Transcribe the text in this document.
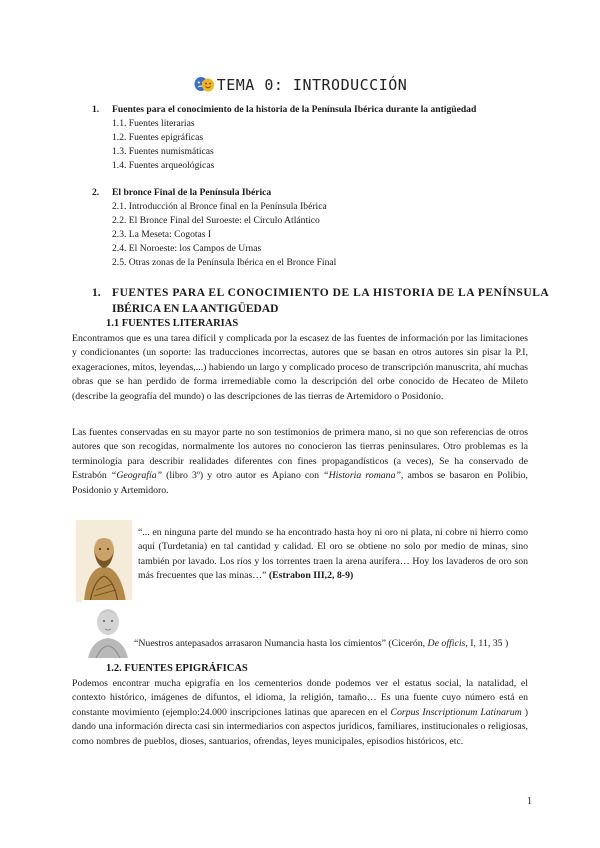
TEMA 0: INTRODUCCIÓN
1. Fuentes para el conocimiento de la historia de la Península Ibérica durante la antigüedad
1.1. Fuentes literarias
1.2. Fuentes epigráficas
1.3. Fuentes numismáticas
1.4. Fuentes arqueológicas
2. El bronce Final de la Península Ibérica
2.1. Introducción al Bronce final en la Península Ibérica
2.2. El Bronce Final del Suroeste: el Círculo Atlántico
2.3. La Meseta: Cogotas I
2.4. El Noroeste: los Campos de Urnas
2.5. Otras zonas de la Península Ibérica en el Bronce Final
1. FUENTES PARA EL CONOCIMIENTO DE LA HISTORIA DE LA PENÍNSULA
IBÉRICA EN LA ANTIGÜEDAD
1.1 FUENTES LITERARIAS
Encontramos que es una tarea difícil y complicada por la escasez de las fuentes de información por las limitaciones y condicionantes (un soporte: las traducciones incorrectas, autores que se basan en otros autores sin pisar la P.I, exageraciones, mitos, leyendas,...) habiendo un largo y complicado proceso de transcripción manuscrita, ahí muchas obras que se han perdido de forma irremediable como la descripción del orbe conocido de Hecateo de Mileto (describe la geografía del mundo) o las descripciones de las tierras de Artemidoro o Posidonio.
Las fuentes conservadas en su mayor parte no son testimonios de primera mano, si no que son referencias de otros autores que son recogidas, normalmente los autores no conocieron las tierras peninsulares. Otro problemas es la terminología para describir realidades diferentes con fines propagandísticos (a veces), Se ha conservado de Estrabón “Geografía” (libro 3º) y otro autor es Apiano con “Historia romana”, ambos se basaron en Polibio, Posidonio y Artemidoro.
“... en ninguna parte del mundo se ha encontrado hasta hoy ni oro ni plata, ni cobre ni hierro como aquí (Turdetania) en tal cantidad y calidad. El oro se obtiene no solo por medio de minas, sino también por lavado. Los ríos y los torrentes traen la arena aurífera… Hoy los lavaderos de oro son más frecuentes que las minas…” (Estrabon III,2, 8-9)
“Nuestros antepasados arrasaron Numancia hasta los cimientos” (Cicerón, De officis, I, 11, 35 )
1.2. FUENTES EPIGRÁFICAS
Podemos encontrar mucha epigrafía en los cementerios donde podemos ver el estatus social, la natalidad, el contexto histórico, imágenes de difuntos, el idioma, la religión, tamaño… Es una fuente cuyo número está en constante movimiento (ejemplo:24.000 inscripciones latinas que aparecen en el Corpus Inscriptionum Latinarum ) dando una información directa casi sin intermediarios con aspectos jurídicos, familiares, institucionales o religiosas, como nombres de pueblos, dioses, santuarios, ofrendas, leyes municipales, episodios históricos, etc.
1
